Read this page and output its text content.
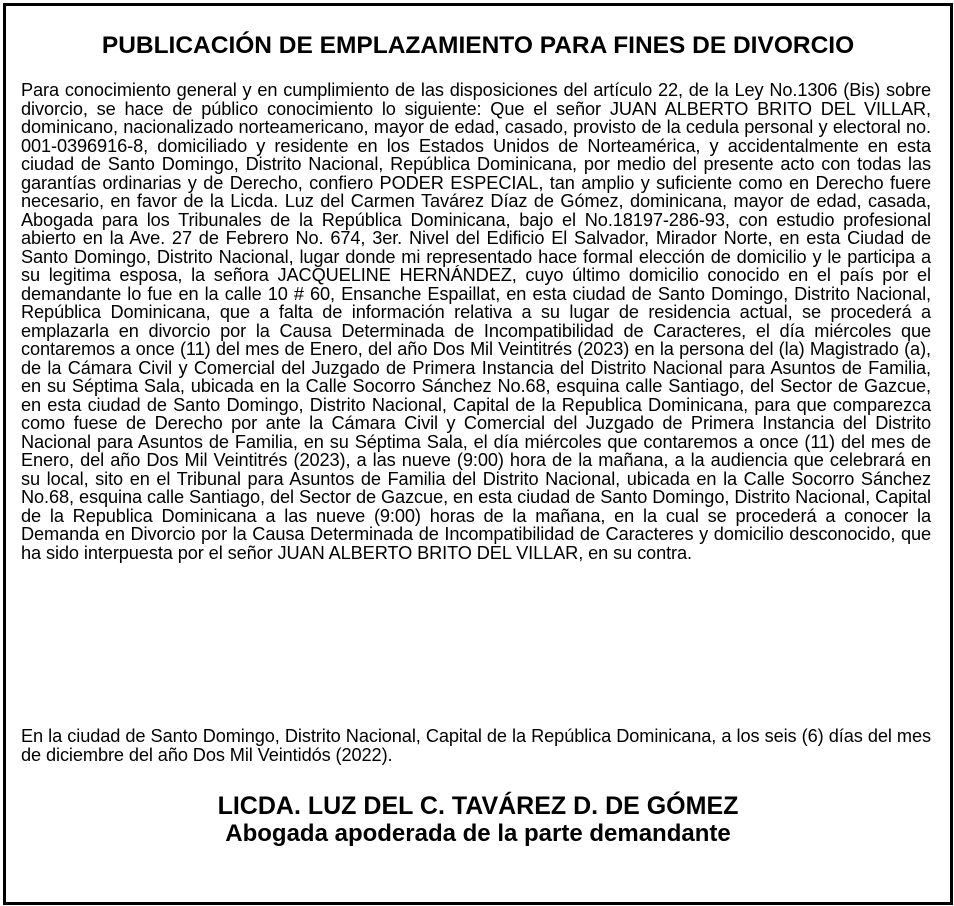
PUBLICACIÓN DE EMPLAZAMIENTO PARA FINES DE DIVORCIO

Para conocimiento general y en cumplimiento de las disposiciones del artículo 22, de la Ley No.1306 (Bis) sobre divorcio, se hace de público conocimiento lo siguiente: Que el señor JUAN ALBERTO BRITO DEL VILLAR, dominicano, nacionalizado norteamericano, mayor de edad, casado, provisto de la cedula personal y electoral no. 001-0396916-8, domiciliado y residente en los Estados Unidos de Norteamérica, y accidentalmente en esta ciudad de Santo Domingo, Distrito Nacional, República Dominicana, por medio del presente acto con todas las garantías ordinarias y de Derecho, confiero PODER ESPECIAL, tan amplio y suficiente como en Derecho fuere necesario, en favor de la Licda. Luz del Carmen Tavárez Díaz de Gómez, dominicana, mayor de edad, casada, Abogada para los Tribunales de la República Dominicana, bajo el No.18197-286-93, con estudio profesional abierto en la Ave. 27 de Febrero No. 674, 3er. Nivel del Edificio El Salvador, Mirador Norte, en esta Ciudad de Santo Domingo, Distrito Nacional, lugar donde mi representado hace formal elección de domicilio y le participa a su legitima esposa, la señora JACQUELINE HERNÁNDEZ, cuyo último domicilio conocido en el país por el demandante lo fue en la calle 10 # 60, Ensanche Espaillat, en esta ciudad de Santo Domingo, Distrito Nacional, República Dominicana, que a falta de información relativa a su lugar de residencia actual, se procederá a emplazarla en divorcio por la Causa Determinada de Incompatibilidad de Caracteres, el día miércoles que contaremos a once (11) del mes de Enero, del año Dos Mil Veintitrés (2023) en la persona del (la) Magistrado (a), de la Cámara Civil y Comercial del Juzgado de Primera Instancia del Distrito Nacional para Asuntos de Familia, en su Séptima Sala, ubicada en la Calle Socorro Sánchez No.68, esquina calle Santiago, del Sector de Gazcue, en esta ciudad de Santo Domingo, Distrito Nacional, Capital de la Republica Dominicana, para que comparezca como fuese de Derecho por ante la Cámara Civil y Comercial del Juzgado de Primera Instancia del Distrito Nacional para Asuntos de Familia, en su Séptima Sala, el día miércoles que contaremos a once (11) del mes de Enero, del año Dos Mil Veintitrés (2023), a las nueve (9:00) hora de la mañana, a la audiencia que celebrará en su local, sito en el Tribunal para Asuntos de Familia del Distrito Nacional, ubicada en la Calle Socorro Sánchez No.68, esquina calle Santiago, del Sector de Gazcue, en esta ciudad de Santo Domingo, Distrito Nacional, Capital de la Republica Dominicana a las nueve (9:00) horas de la mañana, en la cual se procederá a conocer la Demanda en Divorcio por la Causa Determinada de Incompatibilidad de Caracteres y domicilio desconocido, que ha sido interpuesta por el señor JUAN ALBERTO BRITO DEL VILLAR, en su contra.

En la ciudad de Santo Domingo, Distrito Nacional, Capital de la República Dominicana, a los seis (6) días del mes de diciembre del año Dos Mil Veintidós (2022).

LICDA. LUZ DEL C. TAVÁREZ D. DE GÓMEZ
Abogada apoderada de la parte demandante
